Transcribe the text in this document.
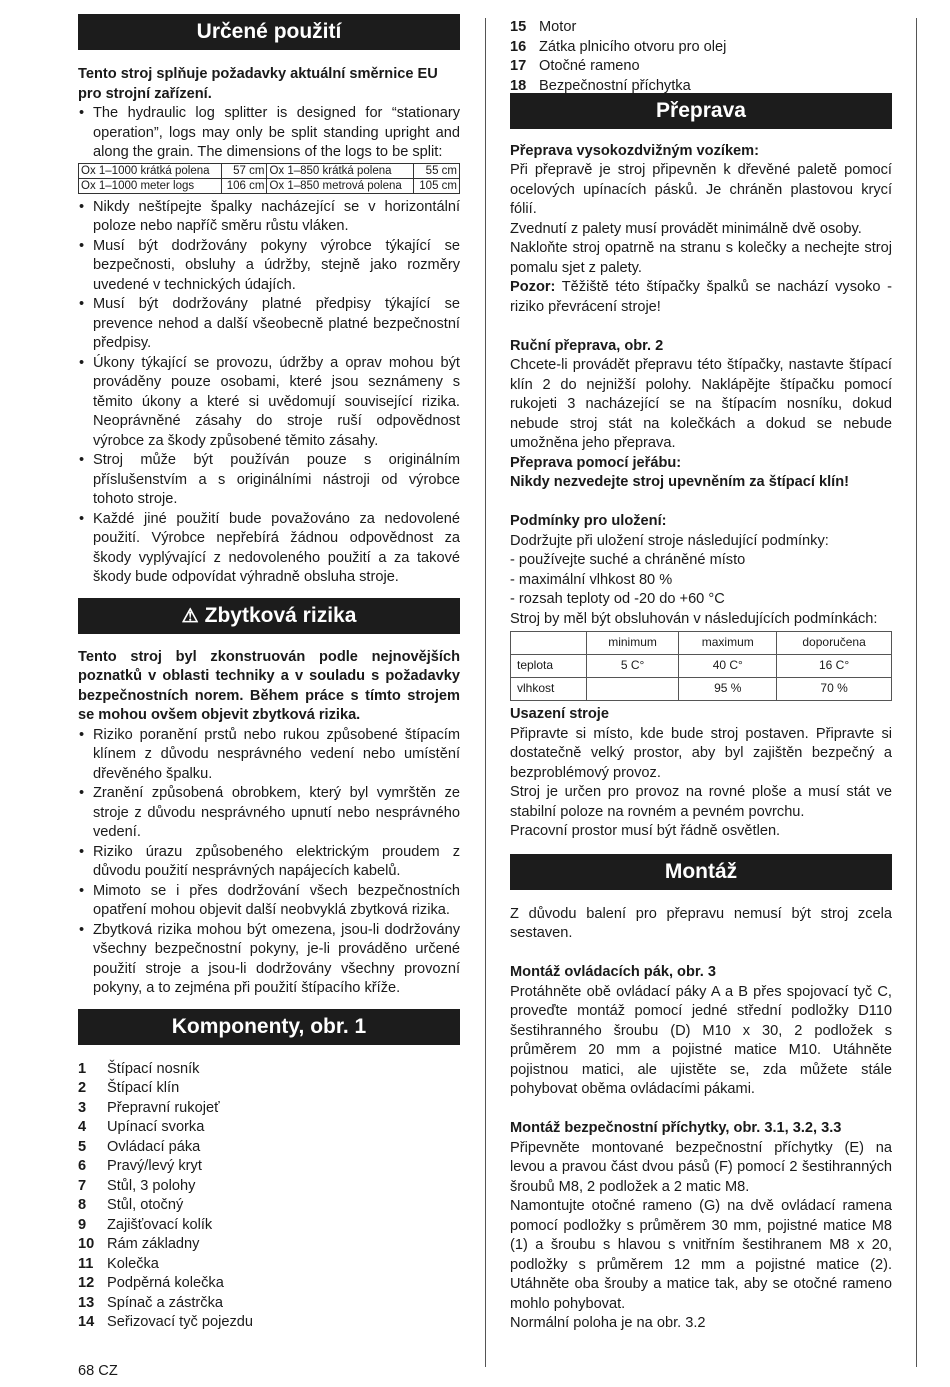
Určené použití

Tento stroj splňuje požadavky aktuální směrnice EU pro strojní zařízení.

• The hydraulic log splitter is designed for “stationary operation”, logs may only be split standing upright and along the grain. The dimensions of the logs to be split:
Ox 1–1000 krátká polena	57 cm	Ox 1–850 krátká polena	55 cm
Ox 1–1000 meter logs	106 cm	Ox 1–850 metrová polena	105 cm
• Nikdy neštípejte špalky nacházející se v horizontální poloze nebo napříč směru růstu vláken.
• Musí být dodržovány pokyny výrobce týkající se bezpečnosti, obsluhy a údržby, stejně jako rozměry uvedené v technických údajích.
• Musí být dodržovány platné předpisy týkající se prevence nehod a další všeobecně platné bezpečnostní předpisy.
• Úkony týkající se provozu, údržby a oprav mohou být prováděny pouze osobami, které jsou seznámeny s těmito úkony a které si uvědomují související rizika. Neoprávněné zásahy do stroje ruší odpovědnost výrobce za škody způsobené těmito zásahy.
• Stroj může být používán pouze s originálním příslušenstvím a s originálními nástroji od výrobce tohoto stroje.
• Každé jiné použití bude považováno za nedovolené použití. Výrobce nepřebírá žádnou odpovědnost za škody vyplývající z nedovoleného použití a za takové škody bude odpovídat výhradně obsluha stroje.
⚠ Zbytková rizika

Tento stroj byl zkonstruován podle nejnovějších poznatků v oblasti techniky a v souladu s požadavky bezpečnostních norem. Během práce s tímto strojem se mohou ovšem objevit zbytková rizika.

• Riziko poranění prstů nebo rukou způsobené štípacím klínem z důvodu nesprávného vedení nebo umístění dřevěného špalku.
• Zranění způsobená obrobkem, který byl vymrštěn ze stroje z důvodu nesprávného upnutí nebo nesprávného vedení.
• Riziko úrazu způsobeného elektrickým proudem z důvodu použití nesprávných napájecích kabelů.
• Mimoto se i přes dodržování všech bezpečnostních opatření mohou objevit další neobvyklá zbytková rizika.
• Zbytková rizika mohou být omezena, jsou-li dodržovány všechny bezpečnostní pokyny, je-li prováděno určené použití stroje a jsou-li dodržovány všechny provozní pokyny, a to zejména při použití štípacího kříže.
Komponenty, obr. 1
1	Štípací nosník
2	Štípací klín
3	Přepravní rukojeť
4	Upínací svorka
5	Ovládací páka
6	Pravý/levý kryt
7	Stůl, 3 polohy
8	Stůl, otočný
9	Zajišťovací kolík
10 Rám základny
11 Kolečka
12 Podpěrná kolečka
13 Spínač a zástrčka
14 Seřizovací tyč pojezdu
15 Motor
16 Zátka plnicího otvoru pro olej
17 Otočné rameno
18 Bezpečnostní příchytka
Přeprava

Přeprava vysokozdvižným vozíkem:

Při přepravě je stroj připevněn k dřevěné paletě pomocí ocelových upínacích pásků. Je chráněn plastovou krycí fólií.

Zvednutí z palety musí provádět minimálně dvě osoby.

Nakloňte stroj opatrně na stranu s kolečky a nechejte stroj pomalu sjet z palety.

Pozor: Těžiště této štípačky špalků se nachází vysoko - riziko převrácení stroje!

Ruční přeprava, obr. 2

Chcete-li provádět přepravu této štípačky, nastavte štípací klín 2 do nejnižší polohy. Naklápějte štípačku pomocí rukojeti 3 nacházející se na štípacím nosníku, dokud nebude stroj stát na kolečkách a dokud se nebude umožněna jeho přeprava.

Přeprava pomocí jeřábu:

Nikdy nezvedejte stroj upevněním za štípací klín!

Podmínky pro uložení:

Dodržujte při uložení stroje následující podmínky:

- používejte suché a chráněné místo

- maximální vlhkost 80 %

- rozsah teploty od -20 do +60 °C

Stroj by měl být obsluhován v následujících podmínkách:

	minimum	maximum	doporučena
teplota	5 C°	40 C°	16 C°
vlhkost		95 %	70 %

Usazení stroje

Připravte si místo, kde bude stroj postaven. Připravte si dostatečně velký prostor, aby byl zajištěn bezpečný a bezproblémový provoz.

Stroj je určen pro provoz na rovné ploše a musí stát ve stabilní poloze na rovném a pevném povrchu.

Pracovní prostor musí být řádně osvětlen.

Montáž

Z důvodu balení pro přepravu nemusí být stroj zcela sestaven.

Montáž ovládacích pák, obr. 3

Protáhněte obě ovládací páky A a B přes spojovací tyč C, proveďte montáž pomocí jedné střední podložky D110 šestihranného šroubu (D) M10 x 30, 2 podložek s průměrem 20 mm a pojistné matice M10. Utáhněte pojistnou matici, ale ujistěte se, zda můžete stále pohybovat oběma ovládacími pákami.

Montáž bezpečnostní příchytky, obr. 3.1, 3.2, 3.3

Připevněte montované bezpečnostní příchytky (E) na levou a pravou část dvou pásů (F) pomocí 2 šestihranných šroubů M8, 2 podložek a 2 matic M8.

Namontujte otočné rameno (G) na dvě ovládací ramena pomocí podložky s průměrem 30 mm, pojistné matice M8 (1) a šroubu s hlavou s vnitřním šestihranem M8 x 20, podložky s průměrem 12 mm a pojistné matice (2). Utáhněte oba šrouby a matice tak, aby se otočné rameno mohlo pohybovat.

Normální poloha je na obr. 3.2

68 CZ
